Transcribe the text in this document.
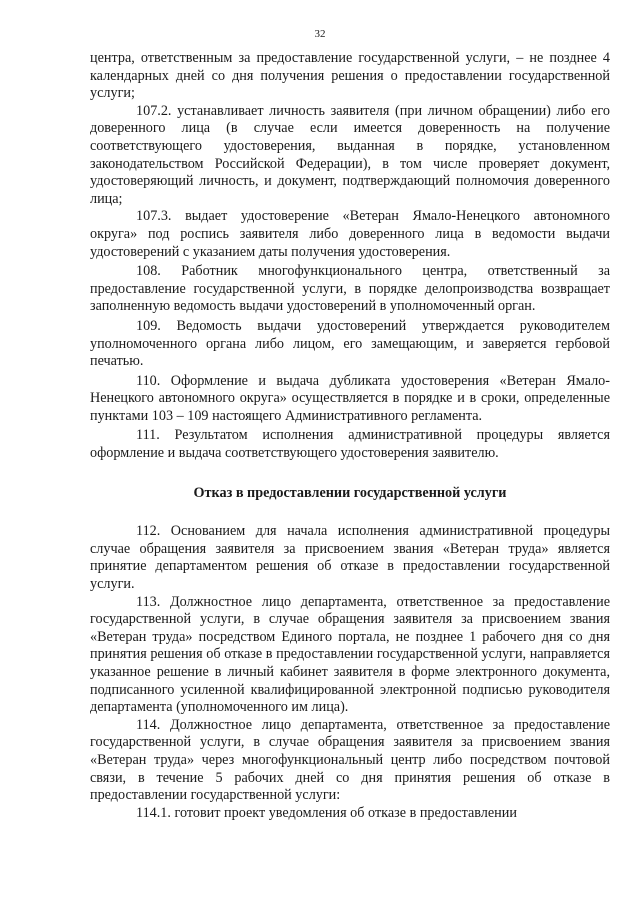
32

центра, ответственным за предоставление государственной услуги, – не позднее 4 календарных дней со дня получения решения о предоставлении государственной услуги;

107.2. устанавливает личность заявителя (при личном обращении) либо его доверенного лица (в случае если имеется доверенность на получение соответствующего удостоверения, выданная в порядке, установленном законодательством Российской Федерации), в том числе проверяет документ, удостоверяющий личность, и документ, подтверждающий полномочия доверенного лица;

107.3. выдает удостоверение «Ветеран Ямало-Ненецкого автономного округа» под роспись заявителя либо доверенного лица в ведомости выдачи удостоверений с указанием даты получения удостоверения.

108. Работник многофункционального центра, ответственный за предоставление государственной услуги, в порядке делопроизводства возвращает заполненную ведомость выдачи удостоверений в уполномоченный орган.

109. Ведомость выдачи удостоверений утверждается руководителем уполномоченного органа либо лицом, его замещающим, и заверяется гербовой печатью.

110. Оформление и выдача дубликата удостоверения «Ветеран Ямало-Ненецкого автономного округа» осуществляется в порядке и в сроки, определенные пунктами 103 – 109 настоящего Административного регламента.

111. Результатом исполнения административной процедуры является оформление и выдача соответствующего удостоверения заявителю.

Отказ в предоставлении государственной услуги

112. Основанием для начала исполнения административной процедуры случае обращения заявителя за присвоением звания «Ветеран труда» является принятие департаментом решения об отказе в предоставлении государственной услуги.

113. Должностное лицо департамента, ответственное за предоставление государственной услуги, в случае обращения заявителя за присвоением звания «Ветеран труда» посредством Единого портала, не позднее 1 рабочего дня со дня принятия решения об отказе в предоставлении государственной услуги, направляется указанное решение в личный кабинет заявителя в форме электронного документа, подписанного усиленной квалифицированной электронной подписью руководителя департамента (уполномоченного им лица).

114. Должностное лицо департамента, ответственное за предоставление государственной услуги, в случае обращения заявителя за присвоением звания «Ветеран труда» через многофункциональный центр либо посредством почтовой связи, в течение 5 рабочих дней со дня принятия решения об отказе в предоставлении государственной услуги:

114.1. готовит проект уведомления об отказе в предоставлении
